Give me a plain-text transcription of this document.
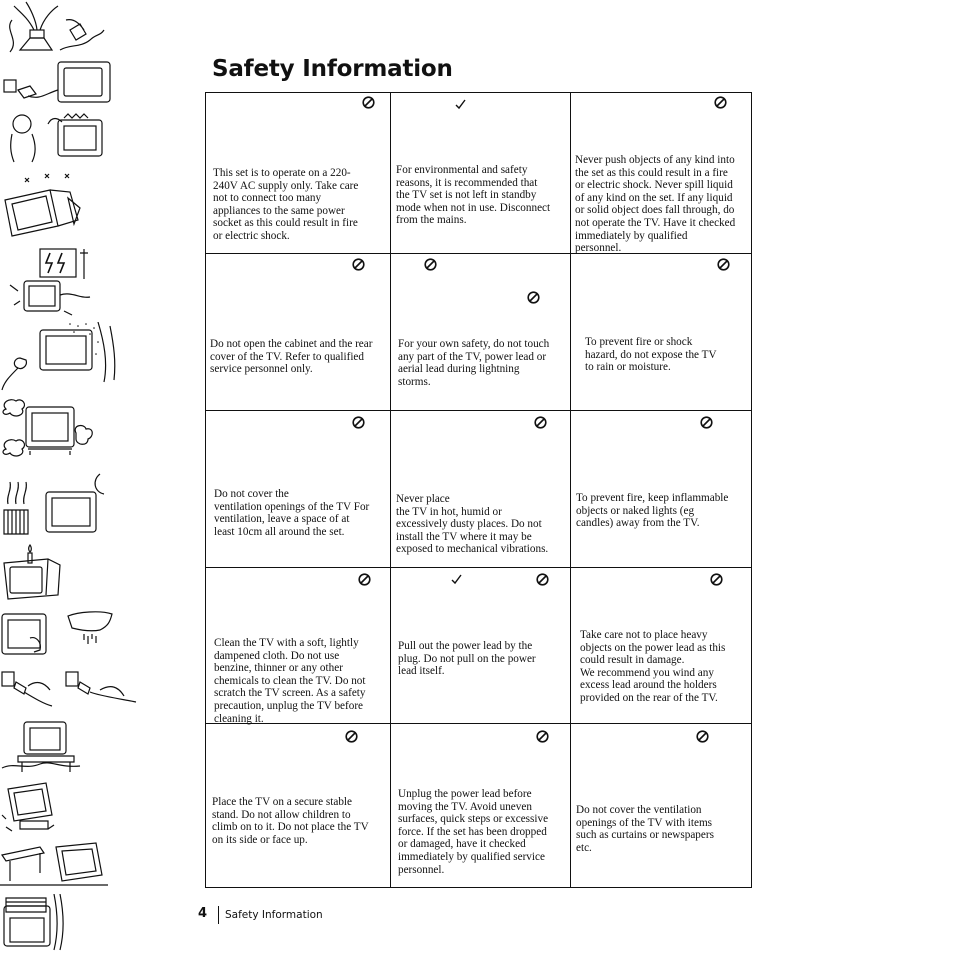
Safety Information
This set is to operate on a 220-
240V AC supply only. Take care
not to connect too many
appliances to the same power
socket as this could result in fire
or electric shock.
For environmental and safety
reasons, it is recommended that
the TV set is not left in standby
mode when not in use. Disconnect
from the mains.
Never push objects of any kind into
the set as this could result in a fire
or electric shock. Never spill liquid
of any kind on the set. If any liquid
or solid object does fall through, do
not operate the TV. Have it checked
immediately by qualified
personnel.
Do not open the cabinet and the rear
cover of the TV. Refer to qualified
service personnel only.
For your own safety, do not touch
any part of the TV, power lead or
aerial lead during lightning
storms.
To prevent fire or shock
hazard, do not expose the TV
to rain or moisture.
Do not cover the
ventilation openings of the TV For
ventilation, leave a space of at
least 10cm all around the set.
Never place
the TV in hot, humid or
excessively dusty places. Do not
install the TV where it may be
exposed to mechanical vibrations.
To prevent fire, keep inflammable
objects or naked lights (eg
candles) away from the TV.
Clean the TV with a soft, lightly
dampened cloth. Do not use
benzine, thinner or any other
chemicals to clean the TV. Do not
scratch the TV screen. As a safety
precaution, unplug the TV before
cleaning it.
Pull out the power lead by the
plug. Do not pull on the power
lead itself.
Take care not to place heavy
objects on the power lead as this
could result in damage.
We recommend you wind any
excess lead around the holders
provided on the rear of the TV.
Place the TV on a secure stable
stand. Do not allow children to
climb on to it. Do not place the TV
on its side or face up.
Unplug the power lead before
moving the TV. Avoid uneven
surfaces, quick steps or excessive
force. If the set has been dropped
or damaged, have it checked
immediately by qualified service
personnel.
Do not cover the ventilation
openings of the TV with items
such as curtains or newspapers
etc.
4 Safety Information
